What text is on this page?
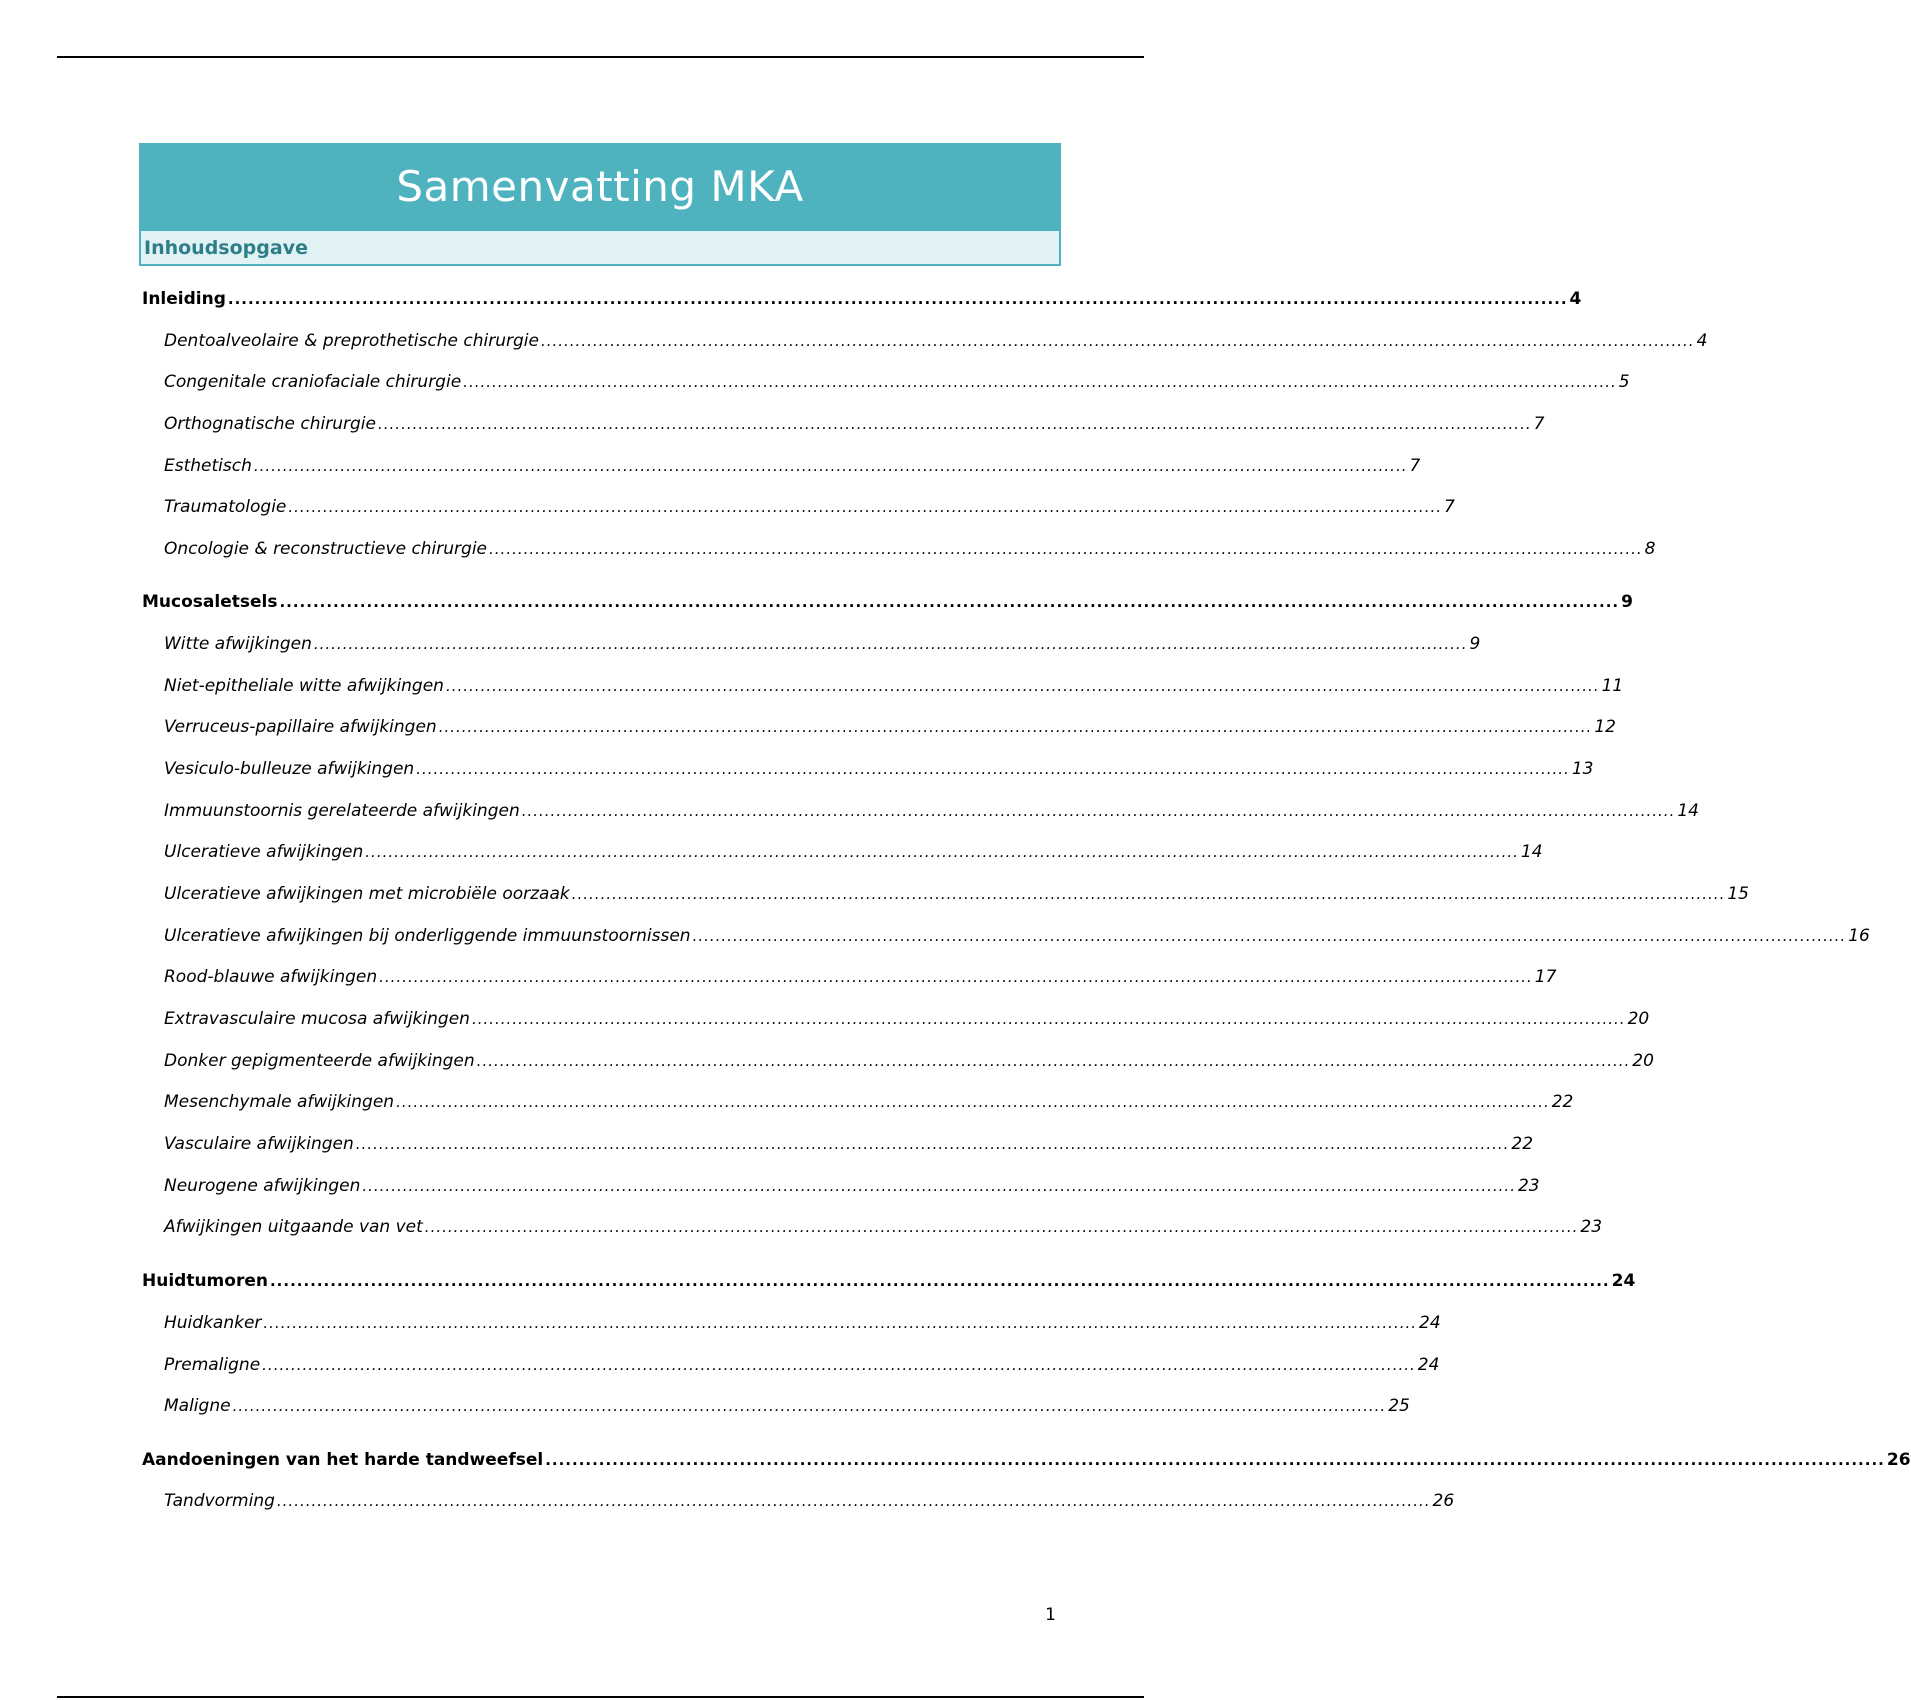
Samenvatting MKA
Inhoudsopgave
Inleiding ........................................................................................................................................................................................................ 4
Dentoalveolaire & preprothetische chirurgie ........................................................................................................................................................................................................ 4
Congenitale craniofaciale chirurgie ........................................................................................................................................................................................................ 5
Orthognatische chirurgie ........................................................................................................................................................................................................ 7
Esthetisch ........................................................................................................................................................................................................ 7
Traumatologie ........................................................................................................................................................................................................ 7
Oncologie & reconstructieve chirurgie ........................................................................................................................................................................................................ 8
Mucosaletsels ........................................................................................................................................................................................................ 9
Witte afwijkingen ........................................................................................................................................................................................................ 9
Niet-epitheliale witte afwijkingen ........................................................................................................................................................................................................ 11
Verruceus-papillaire afwijkingen ........................................................................................................................................................................................................ 12
Vesiculo-bulleuze afwijkingen ........................................................................................................................................................................................................ 13
Immuunstoornis gerelateerde afwijkingen ........................................................................................................................................................................................................ 14
Ulceratieve afwijkingen ........................................................................................................................................................................................................ 14
Ulceratieve afwijkingen met microbiële oorzaak ........................................................................................................................................................................................................ 15
Ulceratieve afwijkingen bij onderliggende immuunstoornissen ........................................................................................................................................................................................................ 16
Rood-blauwe afwijkingen ........................................................................................................................................................................................................ 17
Extravasculaire mucosa afwijkingen ........................................................................................................................................................................................................ 20
Donker gepigmenteerde afwijkingen ........................................................................................................................................................................................................ 20
Mesenchymale afwijkingen ........................................................................................................................................................................................................ 22
Vasculaire afwijkingen ........................................................................................................................................................................................................ 22
Neurogene afwijkingen ........................................................................................................................................................................................................ 23
Afwijkingen uitgaande van vet ........................................................................................................................................................................................................ 23
Huidtumoren ........................................................................................................................................................................................................ 24
Huidkanker ........................................................................................................................................................................................................ 24
Premaligne ........................................................................................................................................................................................................ 24
Maligne ........................................................................................................................................................................................................ 25
Aandoeningen van het harde tandweefsel ........................................................................................................................................................................................................ 26
Tandvorming ........................................................................................................................................................................................................ 26
1
